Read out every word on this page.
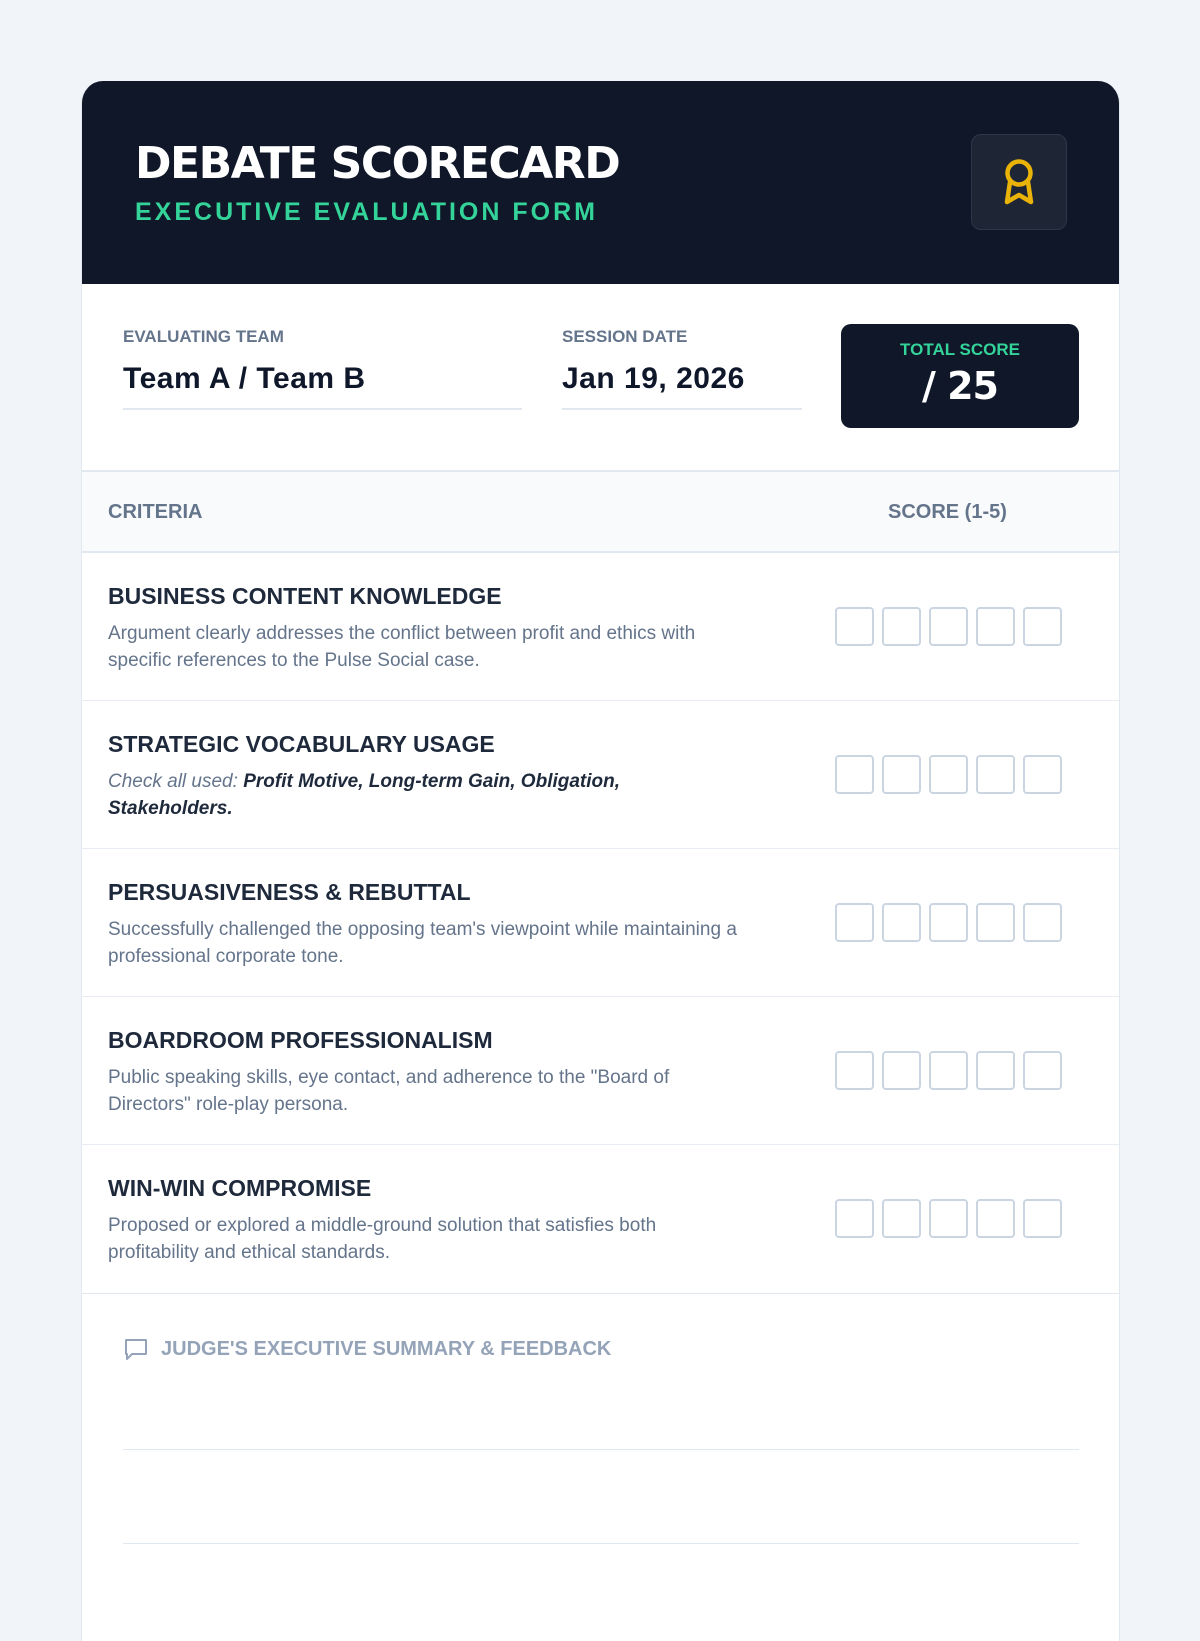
DEBATE SCORECARD
EXECUTIVE EVALUATION FORM
EVALUATING TEAM
Team A / Team B
SESSION DATE
Jan 19, 2026
TOTAL SCORE
/ 25
CRITERIA	SCORE (1-5)
BUSINESS CONTENT KNOWLEDGE
Argument clearly addresses the conflict between profit and ethics with specific references to the Pulse Social case.
STRATEGIC VOCABULARY USAGE
Check all used: Profit Motive, Long-term Gain, Obligation, Stakeholders.
PERSUASIVENESS & REBUTTAL
Successfully challenged the opposing team's viewpoint while maintaining a professional corporate tone.
BOARDROOM PROFESSIONALISM
Public speaking skills, eye contact, and adherence to the "Board of Directors" role-play persona.
WIN-WIN COMPROMISE
Proposed or explored a middle-ground solution that satisfies both profitability and ethical standards.
JUDGE'S EXECUTIVE SUMMARY & FEEDBACK
